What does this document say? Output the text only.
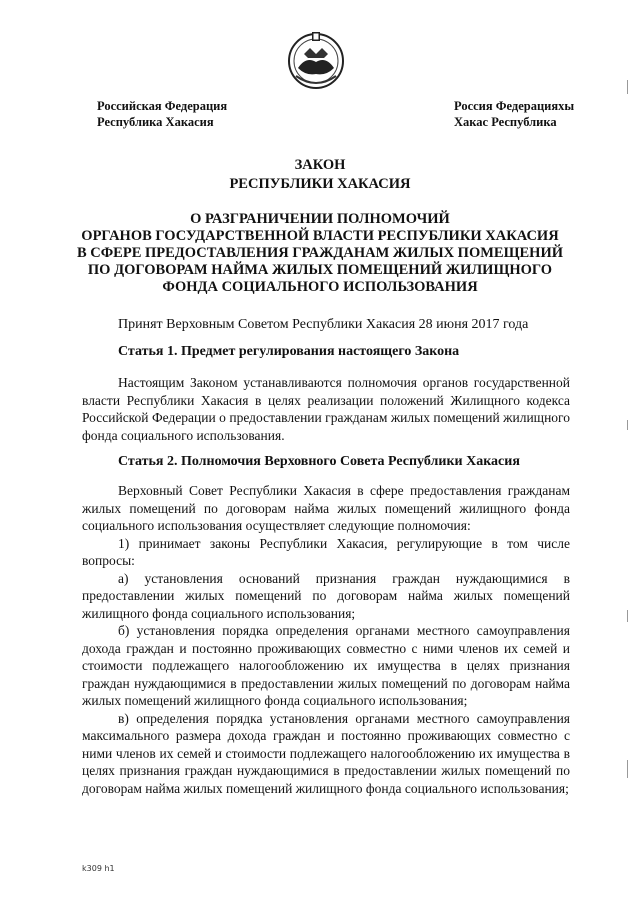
Российская Федерация
Республика Хакасия
Россия Федерацияхы
Хакас Республика
ЗАКОН
РЕСПУБЛИКИ ХАКАСИЯ
О РАЗГРАНИЧЕНИИ ПОЛНОМОЧИЙ
ОРГАНОВ ГОСУДАРСТВЕННОЙ ВЛАСТИ РЕСПУБЛИКИ ХАКАСИЯ
В СФЕРЕ ПРЕДОСТАВЛЕНИЯ ГРАЖДАНАМ ЖИЛЫХ ПОМЕЩЕНИЙ
ПО ДОГОВОРАМ НАЙМА ЖИЛЫХ ПОМЕЩЕНИЙ ЖИЛИЩНОГО
ФОНДА СОЦИАЛЬНОГО ИСПОЛЬЗОВАНИЯ
Принят Верховным Советом Республики Хакасия 28 июня 2017 года
Статья 1. Предмет регулирования настоящего Закона

Настоящим Законом устанавливаются полномочия органов государственной власти Республики Хакасия в целях реализации положений Жилищного кодекса Российской Федерации о предоставлении гражданам жилых помещений жилищного фонда социального использования.

Статья 2. Полномочия Верховного Совета Республики Хакасия

Верховный Совет Республики Хакасия в сфере предоставления гражданам жилых помещений по договорам найма жилых помещений жилищного фонда социального использования осуществляет следующие полномочия:

1) принимает законы Республики Хакасия, регулирующие в том числе вопросы:

а) установления оснований признания граждан нуждающимися в предоставлении жилых помещений по договорам найма жилых помещений жилищного фонда социального использования;

б) установления порядка определения органами местного самоуправления дохода граждан и постоянно проживающих совместно с ними членов их семей и стоимости подлежащего налогообложению их имущества в целях признания граждан нуждающимися в предоставлении жилых помещений по договорам найма жилых помещений жилищного фонда социального использования;

в) определения порядка установления органами местного самоуправления максимального размера дохода граждан и постоянно проживающих совместно с ними членов их семей и стоимости подлежащего налогообложению их имущества в целях признания граждан нуждающимися в предоставлении жилых помещений по договорам найма жилых помещений жилищного фонда социального использования;

k309 h1
